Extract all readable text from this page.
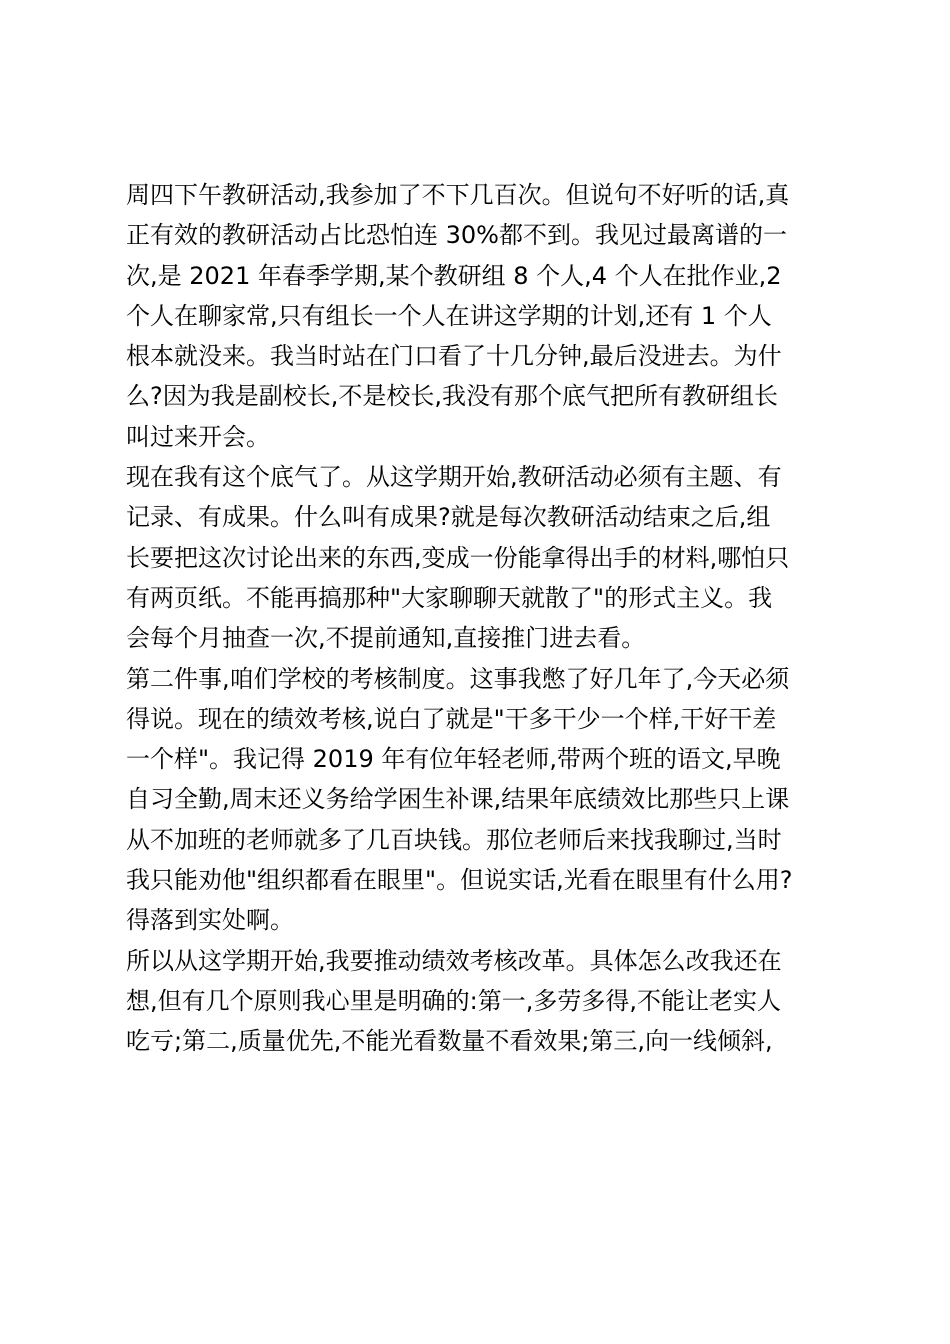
周四下午教研活动,我参加了不下几百次。但说句不好听的话,真
正有效的教研活动占比恐怕连 30%都不到。我见过最离谱的一
次,是 2021 年春季学期,某个教研组 8 个人,4 个人在批作业,2
个人在聊家常,只有组长一个人在讲这学期的计划,还有 1 个人
根本就没来。我当时站在门口看了十几分钟,最后没进去。为什
么?因为我是副校长,不是校长,我没有那个底气把所有教研组长
叫过来开会。
现在我有这个底气了。从这学期开始,教研活动必须有主题、有
记录、有成果。什么叫有成果?就是每次教研活动结束之后,组
长要把这次讨论出来的东西,变成一份能拿得出手的材料,哪怕只
有两页纸。不能再搞那种"大家聊聊天就散了"的形式主义。我
会每个月抽查一次,不提前通知,直接推门进去看。
第二件事,咱们学校的考核制度。这事我憋了好几年了,今天必须
得说。现在的绩效考核,说白了就是"干多干少一个样,干好干差
一个样"。我记得 2019 年有位年轻老师,带两个班的语文,早晚
自习全勤,周末还义务给学困生补课,结果年底绩效比那些只上课
从不加班的老师就多了几百块钱。那位老师后来找我聊过,当时
我只能劝他"组织都看在眼里"。但说实话,光看在眼里有什么用?
得落到实处啊。
所以从这学期开始,我要推动绩效考核改革。具体怎么改我还在
想,但有几个原则我心里是明确的:第一,多劳多得,不能让老实人
吃亏;第二,质量优先,不能光看数量不看效果;第三,向一线倾斜,
